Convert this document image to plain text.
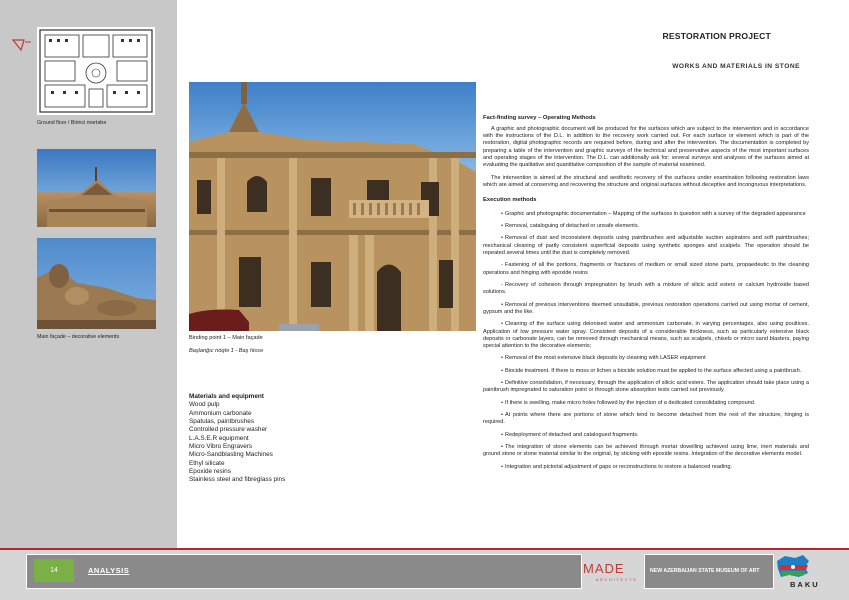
Ground floor / Birinci mərtəbə
Main façade – decorative elements	Binding point 1 – Main façade
Başlanğıc nöqtə 1 - Baş hissə
Materials and equipment
Wood pulp
Ammonium carbonate
Spatulas, paintbrushes
Controlled pressure washer
L.A.S.E.R equipment
Micro Vibro Engravers
Micro-Sandblasting Machines
Ethyl silicate
Epoxide resins
Stainless steel and fibreglass pins
RESTORATION PROJECT
WORKS AND MATERIALS IN STONE
Fact-finding survey – Operating Methods

A graphic and photographic document will be produced for the surfaces which are subject to the intervention and in accordance with the instructions of the D.L. in addition to the recovery work carried out. For each surface or element which is part of the restoration, digital photographic records are required before, during and after the intervention. The documentation is completed by preparing a table of the intervention and graphic surveys of the technical and preservative aspects of the most important surfaces and operating stages of the intervention. The D.L. can additionally ask for: several surveys and analyses of the surfaces aimed at evaluating the qualitative and quantitative composition of the sample of material examined.

The intervention is aimed at the structural and aesthetic recovery of the surfaces under examination following restoration laws which are aimed at conserving and recovering the structure and original surfaces without deceptive and incongruous interpretations.

Execution methods

• Graphic and photographic documentation – Mapping of the surfaces in question with a survey of the degraded appearance

• Removal, cataloguing of detached or unsafe elements.

• Removal of dust and inconsistent deposits using paintbrushes and adjustable suction aspirators and soft paintbrushes; mechanical cleaning of partly consistent superficial deposits using synthetic sponges and scalpels. The operation should be repeated several times until the dust is completely removed.

- Fastening of all the portions, fragments or fractures of medium or small sized stone parts, propaedeutic to the cleaning operations and hinging with epoxide resins

- Recovery of cohesion through impregnation by brush with a mixture of silicic acid esters or calcium hydroxide based solutions.

• Removal of previous interventions deemed unsuitable, previous restoration operations carried out using mortar of cement, gypsum and the like.

• Cleaning of the surface using deionised water and ammonium carbonate, in varying percentages, also using poultices. Application of low pressure water spray. Consistent deposits of a considerable thickness, such as particularly extensive black deposits or carbonate layers, can be removed through mechanical means, such as scalpels, chisels or micro sand blasters, paying special attention to the decorative elements;

• Removal of the most extensive black deposits by cleaning with LASER equipment

• Biocide treatment. If there is moss or lichen a biocide solution must be applied to the surface affected using a paintbrush.

• Definitive consolidation, if necessary, through the application of silicic acid esters. The application should take place using a paintbrush impregnated to saturation point or through stone absorption tests carried out previously.

• If there is swelling, make micro holes followed by the injection of a dedicated consolidating compound.

• At points where there are portions of stone which tend to become detached from the rest of the structure, hinging is required.

• Redeployment of detached and catalogued fragments.

• The integration of stone elements can be achieved through mortar dowelling achieved using lime, inert materials and ground stone or stone material similar to the original, by sticking with epoxide resins. Integration of the decorative elements model.

• Integration and pictorial adjustment of gaps or reconstructions to restore a balanced reading.

14	ANALYSIS	MADE
A R C H I T E C T S
NEW AZERBAIJAN STATE MUSEUM OF ART
BAKU
